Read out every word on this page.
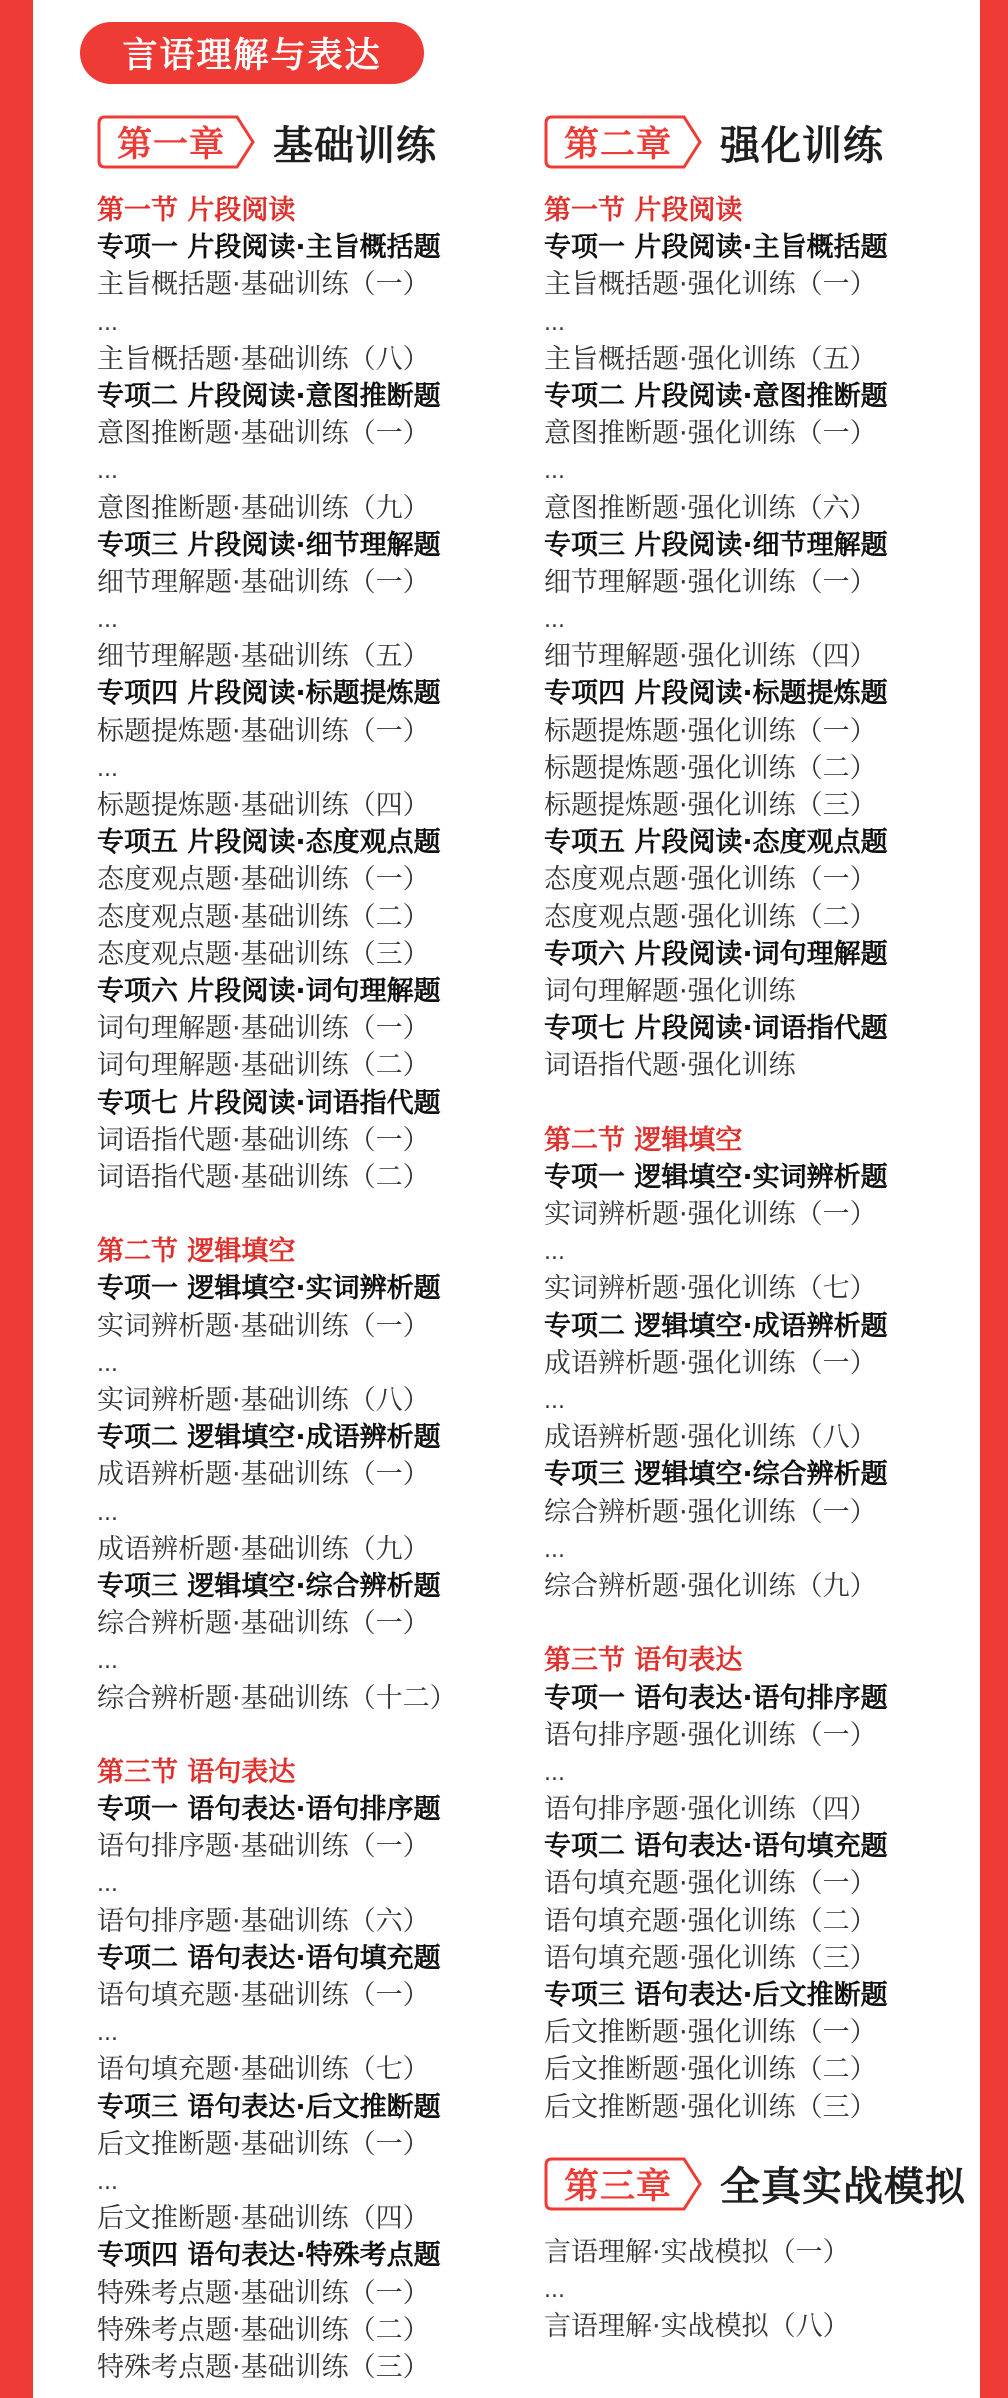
言语理解与表达
第一章 基础训练
第一节 片段阅读
专项一 片段阅读·主旨概括题
主旨概括题·基础训练（一）
...
主旨概括题·基础训练（八）
专项二 片段阅读·意图推断题
意图推断题·基础训练（一）
...
意图推断题·基础训练（九）
专项三 片段阅读·细节理解题
细节理解题·基础训练（一）
...
细节理解题·基础训练（五）
专项四 片段阅读·标题提炼题
标题提炼题·基础训练（一）
...
标题提炼题·基础训练（四）
专项五 片段阅读·态度观点题
态度观点题·基础训练（一）
态度观点题·基础训练（二）
态度观点题·基础训练（三）
专项六 片段阅读·词句理解题
词句理解题·基础训练（一）
词句理解题·基础训练（二）
专项七 片段阅读·词语指代题
词语指代题·基础训练（一）
词语指代题·基础训练（二）
第二节 逻辑填空
专项一 逻辑填空·实词辨析题
实词辨析题·基础训练（一）
...
实词辨析题·基础训练（八）
专项二 逻辑填空·成语辨析题
成语辨析题·基础训练（一）
...
成语辨析题·基础训练（九）
专项三 逻辑填空·综合辨析题
综合辨析题·基础训练（一）
...
综合辨析题·基础训练（十二）
第三节 语句表达
专项一 语句表达·语句排序题
语句排序题·基础训练（一）
...
语句排序题·基础训练（六）
专项二 语句表达·语句填充题
语句填充题·基础训练（一）
...
语句填充题·基础训练（七）
专项三 语句表达·后文推断题
后文推断题·基础训练（一）
...
后文推断题·基础训练（四）
专项四 语句表达·特殊考点题
特殊考点题·基础训练（一）
特殊考点题·基础训练（二）
特殊考点题·基础训练（三）
第二章 强化训练
第一节 片段阅读
专项一 片段阅读·主旨概括题
主旨概括题·强化训练（一）
...
主旨概括题·强化训练（五）
专项二 片段阅读·意图推断题
意图推断题·强化训练（一）
...
意图推断题·强化训练（六）
专项三 片段阅读·细节理解题
细节理解题·强化训练（一）
...
细节理解题·强化训练（四）
专项四 片段阅读·标题提炼题
标题提炼题·强化训练（一）
标题提炼题·强化训练（二）
标题提炼题·强化训练（三）
专项五 片段阅读·态度观点题
态度观点题·强化训练（一）
态度观点题·强化训练（二）
专项六 片段阅读·词句理解题
词句理解题·强化训练
专项七 片段阅读·词语指代题
词语指代题·强化训练
第二节 逻辑填空
专项一 逻辑填空·实词辨析题
实词辨析题·强化训练（一）
...
实词辨析题·强化训练（七）
专项二 逻辑填空·成语辨析题
成语辨析题·强化训练（一）
...
成语辨析题·强化训练（八）
专项三 逻辑填空·综合辨析题
综合辨析题·强化训练（一）
...
综合辨析题·强化训练（九）
第三节 语句表达
专项一 语句表达·语句排序题
语句排序题·强化训练（一）
...
语句排序题·强化训练（四）
专项二 语句表达·语句填充题
语句填充题·强化训练（一）
语句填充题·强化训练（二）
语句填充题·强化训练（三）
专项三 语句表达·后文推断题
后文推断题·强化训练（一）
后文推断题·强化训练（二）
后文推断题·强化训练（三）
第三章 全真实战模拟
言语理解·实战模拟（一）
...
言语理解·实战模拟（八）
